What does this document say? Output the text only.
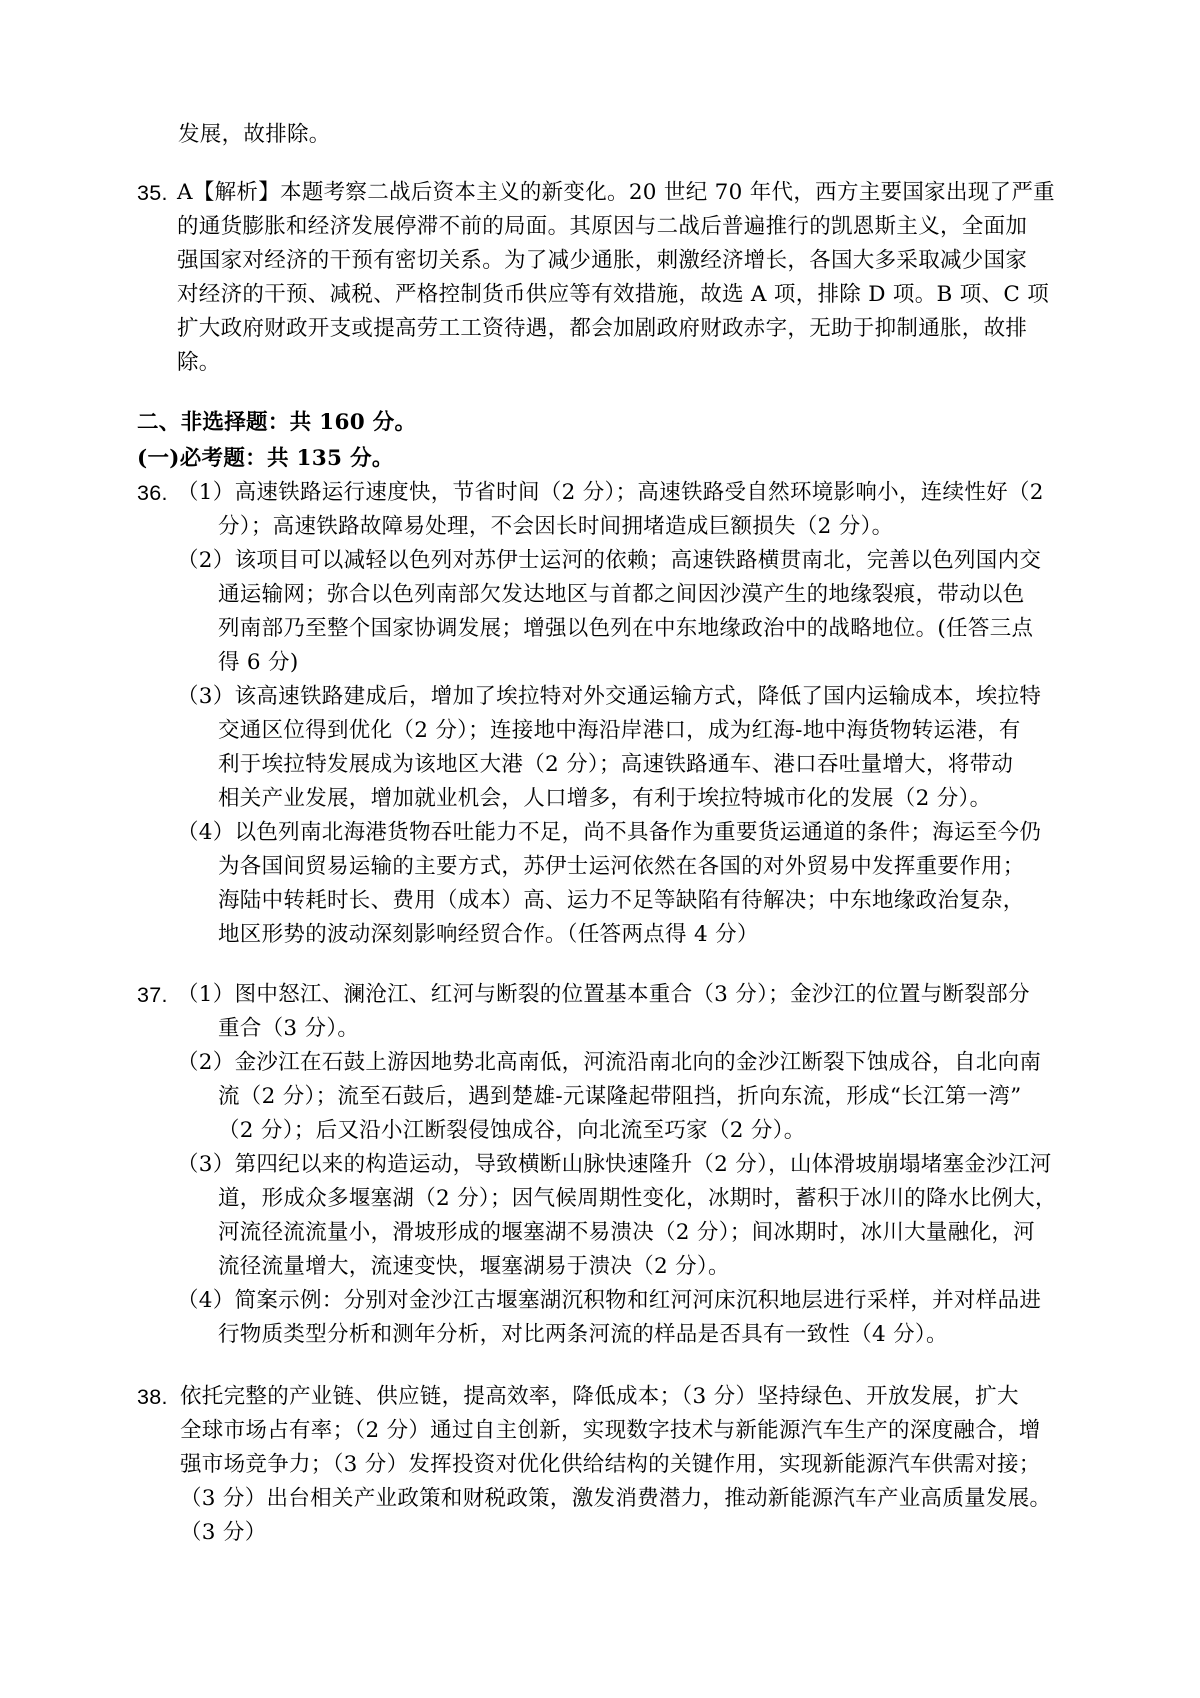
发展，故排除。
35. A【解析】本题考察二战后资本主义的新变化。20 世纪 70 年代，西方主要国家出现了严重
的通货膨胀和经济发展停滞不前的局面。其原因与二战后普遍推行的凯恩斯主义，全面加
强国家对经济的干预有密切关系。为了减少通胀，刺激经济增长，各国大多采取减少国家
对经济的干预、减税、严格控制货币供应等有效措施，故选 A 项，排除 D 项。B 项、C 项
扩大政府财政开支或提高劳工工资待遇，都会加剧政府财政赤字，无助于抑制通胀，故排
除。
二、非选择题：共 160 分。
(一)必考题：共 135 分。
36. （1）高速铁路运行速度快，节省时间（2 分）；高速铁路受自然环境影响小，连续性好（2
分）；高速铁路故障易处理，不会因长时间拥堵造成巨额损失（2 分）。
（2）该项目可以减轻以色列对苏伊士运河的依赖；高速铁路横贯南北，完善以色列国内交
通运输网；弥合以色列南部欠发达地区与首都之间因沙漠产生的地缘裂痕，带动以色
列南部乃至整个国家协调发展；增强以色列在中东地缘政治中的战略地位。(任答三点
得 6 分)
（3）该高速铁路建成后，增加了埃拉特对外交通运输方式，降低了国内运输成本，埃拉特
交通区位得到优化（2 分）；连接地中海沿岸港口，成为红海-地中海货物转运港，有
利于埃拉特发展成为该地区大港（2 分）；高速铁路通车、港口吞吐量增大，将带动
相关产业发展，增加就业机会，人口增多，有利于埃拉特城市化的发展（2 分）。
（4）以色列南北海港货物吞吐能力不足，尚不具备作为重要货运通道的条件；海运至今仍
为各国间贸易运输的主要方式，苏伊士运河依然在各国的对外贸易中发挥重要作用；
海陆中转耗时长、费用（成本）高、运力不足等缺陷有待解决；中东地缘政治复杂，
地区形势的波动深刻影响经贸合作。（任答两点得 4 分）
37. （1）图中怒江、澜沧江、红河与断裂的位置基本重合（3 分）；金沙江的位置与断裂部分
重合（3 分）。
（2）金沙江在石鼓上游因地势北高南低，河流沿南北向的金沙江断裂下蚀成谷，自北向南
流（2 分）；流至石鼓后，遇到楚雄-元谋隆起带阻挡，折向东流，形成“长江第一湾”
（2 分）；后又沿小江断裂侵蚀成谷，向北流至巧家（2 分）。
（3）第四纪以来的构造运动，导致横断山脉快速隆升（2 分），山体滑坡崩塌堵塞金沙江河
道，形成众多堰塞湖（2 分）；因气候周期性变化，冰期时，蓄积于冰川的降水比例大，
河流径流流量小，滑坡形成的堰塞湖不易溃决（2 分）；间冰期时，冰川大量融化，河
流径流量增大，流速变快，堰塞湖易于溃决（2 分）。
（4）简案示例：分别对金沙江古堰塞湖沉积物和红河河床沉积地层进行采样，并对样品进
行物质类型分析和测年分析，对比两条河流的样品是否具有一致性（4 分）。
38. 依托完整的产业链、供应链，提高效率，降低成本；（3 分）坚持绿色、开放发展，扩大
全球市场占有率；（2 分）通过自主创新，实现数字技术与新能源汽车生产的深度融合，增
强市场竞争力；（3 分）发挥投资对优化供给结构的关键作用，实现新能源汽车供需对接；
（3 分）出台相关产业政策和财税政策，激发消费潜力，推动新能源汽车产业高质量发展。
（3 分）
